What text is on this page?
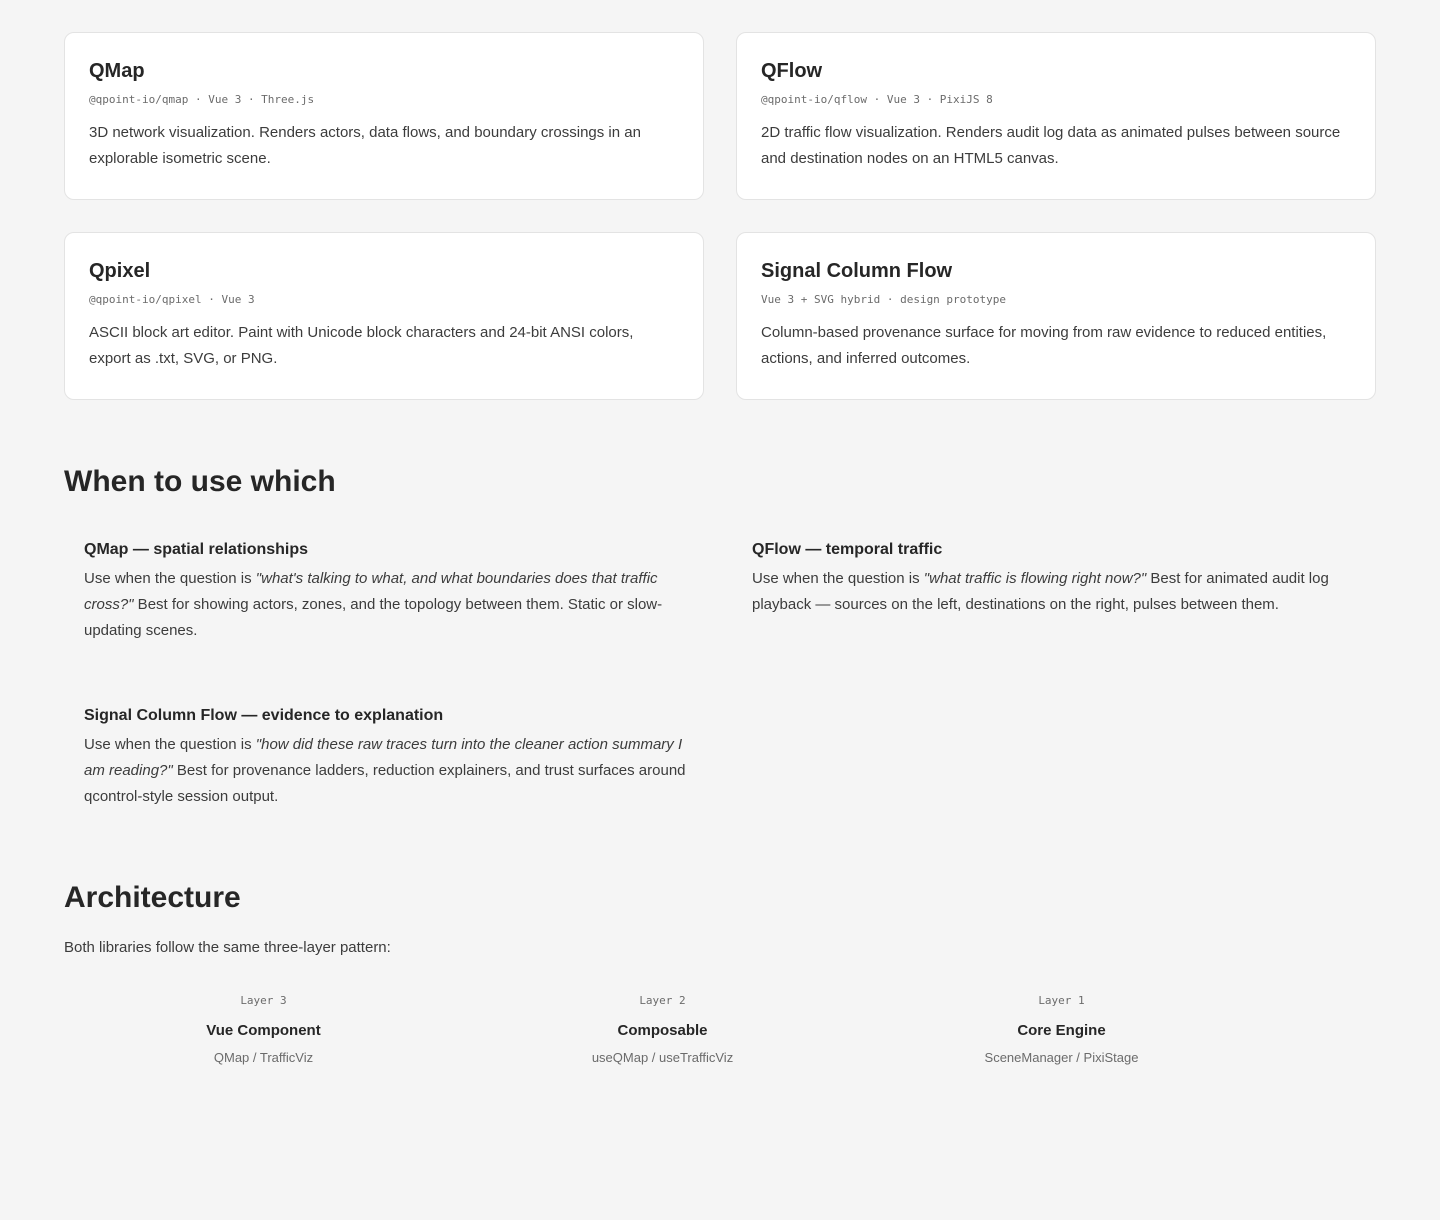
QMap
@qpoint-io/qmap · Vue 3 · Three.js
3D network visualization. Renders actors, data flows, and boundary crossings in an explorable isometric scene.
QFlow
@qpoint-io/qflow · Vue 3 · PixiJS 8
2D traffic flow visualization. Renders audit log data as animated pulses between source and destination nodes on an HTML5 canvas.
Qpixel
@qpoint-io/qpixel · Vue 3
ASCII block art editor. Paint with Unicode block characters and 24-bit ANSI colors, export as .txt, SVG, or PNG.
Signal Column Flow
Vue 3 + SVG hybrid · design prototype
Column-based provenance surface for moving from raw evidence to reduced entities, actions, and inferred outcomes.
When to use which
QMap — spatial relationships
Use when the question is "what's talking to what, and what boundaries does that traffic cross?" Best for showing actors, zones, and the topology between them. Static or slow-updating scenes.
QFlow — temporal traffic
Use when the question is "what traffic is flowing right now?" Best for animated audit log playback — sources on the left, destinations on the right, pulses between them.
Signal Column Flow — evidence to explanation
Use when the question is "how did these raw traces turn into the cleaner action summary I am reading?" Best for provenance ladders, reduction explainers, and trust surfaces around qcontrol-style session output.
Architecture
Both libraries follow the same three-layer pattern:
Layer 3
Vue Component
QMap / TrafficViz
Layer 2
Composable
useQMap / useTrafficViz
Layer 1
Core Engine
SceneManager / PixiStage
